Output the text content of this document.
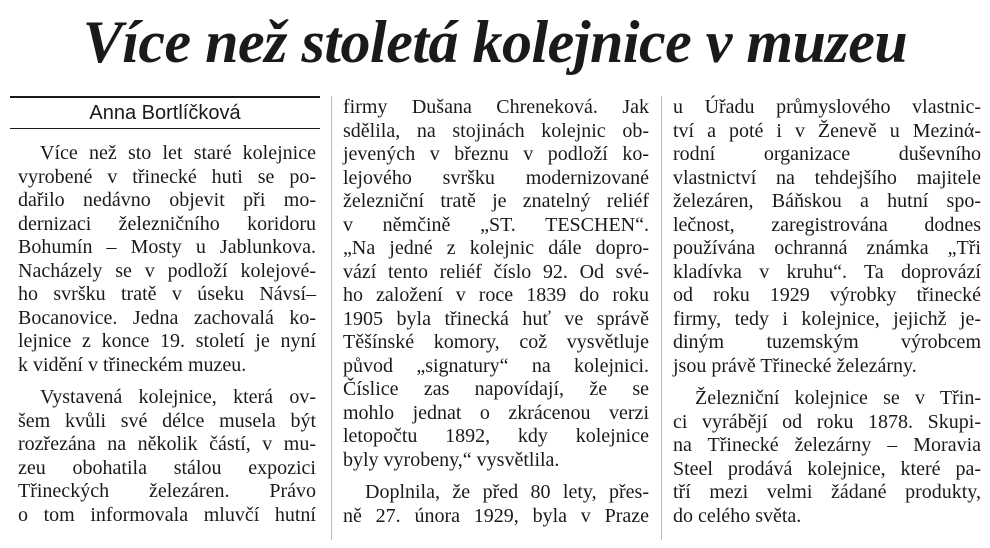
Více než stoletá kolejnice v muzeu
Anna Bortlíčková

Více než sto let staré kolejnice
vyrobené v třinecké huti se po-
dařilo nedávno objevit při mo-
dernizaci železničního koridoru
Bohumín – Mosty u Jablunkova.
Nacházely se v podloží kolejové-
ho svršku tratě v úseku Návsí–
Bocanovice. Jedna zachovalá ko-
lejnice z konce 19. století je nyní
k vidění v třineckém muzeu.

Vystavená kolejnice, která ov-
šem kvůli své délce musela být
rozřezána na několik částí, v mu-
zeu obohatila stálou expozici
Třineckých železáren. Právo
o tom informovala mluvčí hutní

firmy Dušana Chreneková. Jak
sdělila, na stojinách kolejnic ob-
jevených v březnu v podloží ko-
lejového svršku modernizované
železniční tratě je znatelný reliéf
v němčině „ST. TESCHEN“.
„Na jedné z kolejnic dále dopro-
vází tento reliéf číslo 92. Od své-
ho založení v roce 1839 do roku
1905 byla třinecká huť ve správě
Těšínské komory, což vysvětluje
původ „signatury“ na kolejnici.
Číslice zas napovídají, že se
mohlo jednat o zkrácenou verzi
letopočtu 1892, kdy kolejnice
byly vyrobeny,“ vysvětlila.

Doplnila, že před 80 lety, přes-
ně 27. února 1929, byla v Praze

u Úřadu průmyslového vlastnic-
tví a poté i v Ženevě u Mezinά-
rodní organizace duševního
vlastnictví na tehdejšího majitele
železáren, Báňskou a hutní spo-
lečnost, zaregistrována dodnes
používána ochranná známka „Tři
kladívka v kruhu“. Ta doprovází
od roku 1929 výrobky třinecké
firmy, tedy i kolejnice, jejichž je-
diným tuzemským výrobcem
jsou právě Třinecké železárny.

Železniční kolejnice se v Třin-
ci vyrábějí od roku 1878. Skupi-
na Třinecké železárny – Moravia
Steel prodává kolejnice, které pa-
tří mezi velmi žádané produkty,
do celého světa.
